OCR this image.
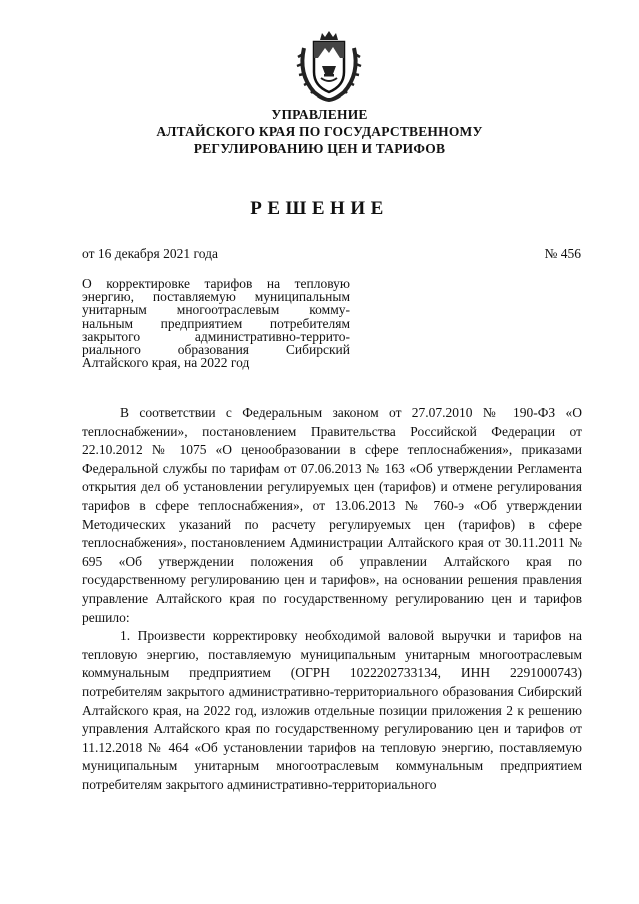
УПРАВЛЕНИЕ
АЛТАЙСКОГО КРАЯ ПО ГОСУДАРСТВЕННОМУ
РЕГУЛИРОВАНИЮ ЦЕН И ТАРИФОВ
РЕШЕНИЕ
от 16 декабря 2021 года	№ 456
О корректировке тарифов на тепловую
энергию, поставляемую муниципальным
унитарным многоотраслевым комму-
нальным предприятием потребителям
закрытого административно-террито-
риального образования Сибирский
Алтайского края, на 2022 год

В соответствии с Федеральным законом от 27.07.2010 № 190-ФЗ «О теплоснабжении», постановлением Правительства Российской Федерации от 22.10.2012 № 1075 «О ценообразовании в сфере теплоснабжения», приказами Федеральной службы по тарифам от 07.06.2013 № 163 «Об утверждении Регламента открытия дел об установлении регулируемых цен (тарифов) и отмене регулирования тарифов в сфере теплоснабжения», от 13.06.2013 № 760-э «Об утверждении Методических указаний по расчету регулируемых цен (тарифов) в сфере теплоснабжения», постановлением Администрации Алтайского края от 30.11.2011 № 695 «Об утверждении положения об управлении Алтайского края по государственному регулированию цен и тарифов», на основании решения правления управление Алтайского края по государственному регулированию цен и тарифов решило:

1. Произвести корректировку необходимой валовой выручки и тарифов на тепловую энергию, поставляемую муниципальным унитарным многоотраслевым коммунальным предприятием (ОГРН 1022202733134, ИНН 2291000743) потребителям закрытого административно-территориального образования Сибирский Алтайского края, на 2022 год, изложив отдельные позиции приложения 2 к решению управления Алтайского края по государственному регулированию цен и тарифов от 11.12.2018 № 464 «Об установлении тарифов на тепловую энергию, поставляемую муниципальным унитарным многоотраслевым коммунальным предприятием потребителям закрытого административно-территориального
